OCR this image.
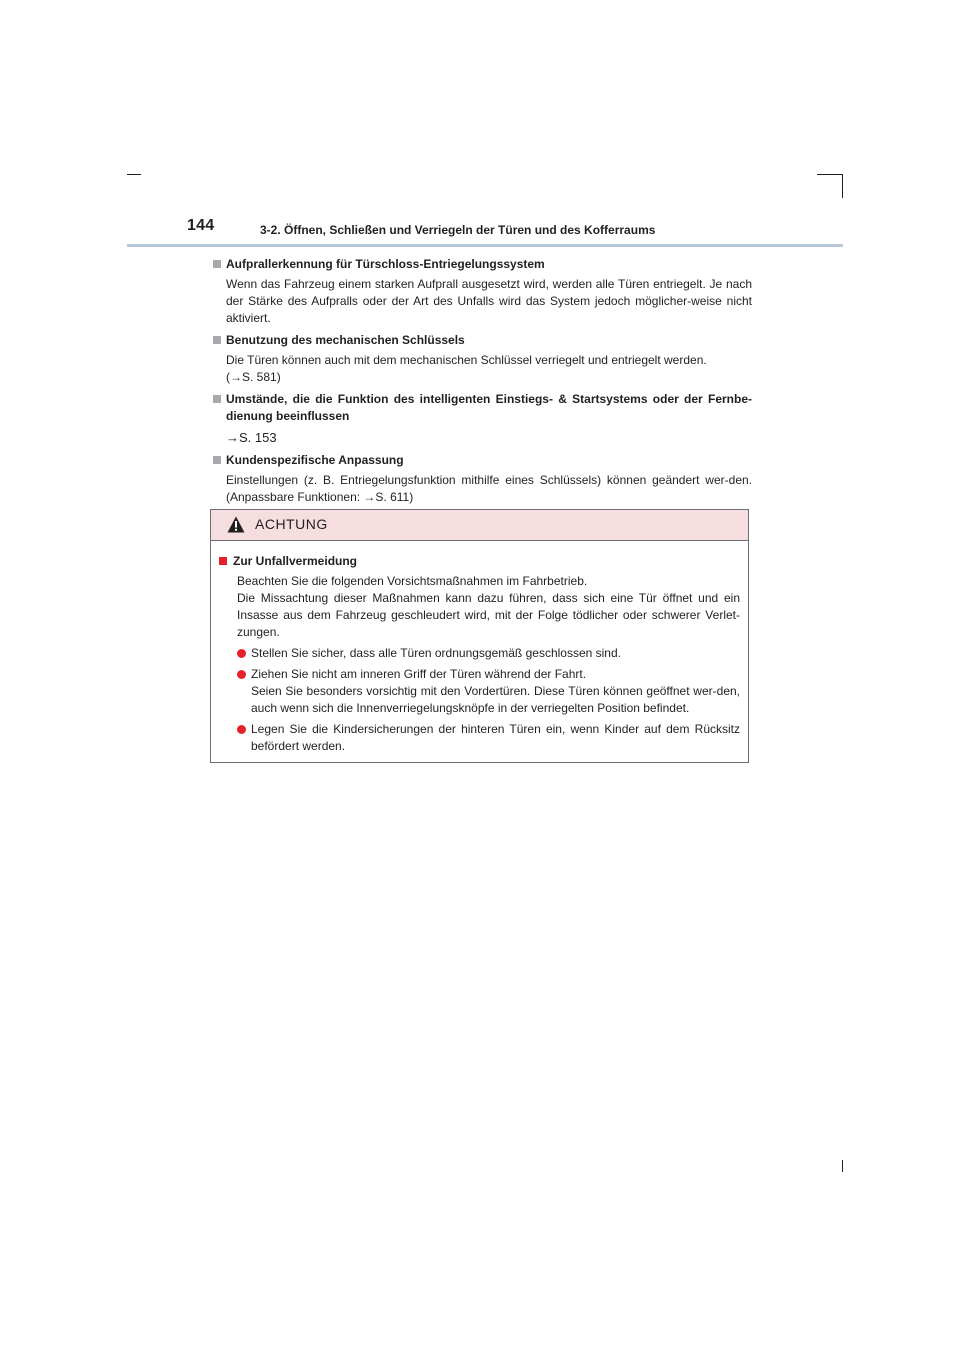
144	3-2. Öffnen, Schließen und Verriegeln der Türen und des Kofferraums
Aufprallerkennung für Türschloss-Entriegelungssystem
Wenn das Fahrzeug einem starken Aufprall ausgesetzt wird, werden alle Türen entriegelt. Je nach der Stärke des Aufpralls oder der Art des Unfalls wird das System jedoch möglicher-weise nicht aktiviert.
Benutzung des mechanischen Schlüssels
Die Türen können auch mit dem mechanischen Schlüssel verriegelt und entriegelt werden.
(→S. 581)
Umstände, die die Funktion des intelligenten Einstiegs- & Startsystems oder der Fernbe-dienung beeinflussen
→S. 153
Kundenspezifische Anpassung
Einstellungen (z. B. Entriegelungsfunktion mithilfe eines Schlüssels) können geändert wer-den. (Anpassbare Funktionen: →S. 611)
ACHTUNG
Zur Unfallvermeidung
Beachten Sie die folgenden Vorsichtsmaßnahmen im Fahrbetrieb.
Die Missachtung dieser Maßnahmen kann dazu führen, dass sich eine Tür öffnet und ein Insasse aus dem Fahrzeug geschleudert wird, mit der Folge tödlicher oder schwerer Verlet-zungen.
Stellen Sie sicher, dass alle Türen ordnungsgemäß geschlossen sind.
Ziehen Sie nicht am inneren Griff der Türen während der Fahrt.
Seien Sie besonders vorsichtig mit den Vordertüren. Diese Türen können geöffnet wer-den, auch wenn sich die Innenverriegelungsknöpfe in der verriegelten Position befindet.
Legen Sie die Kindersicherungen der hinteren Türen ein, wenn Kinder auf dem Rücksitz befördert werden.
